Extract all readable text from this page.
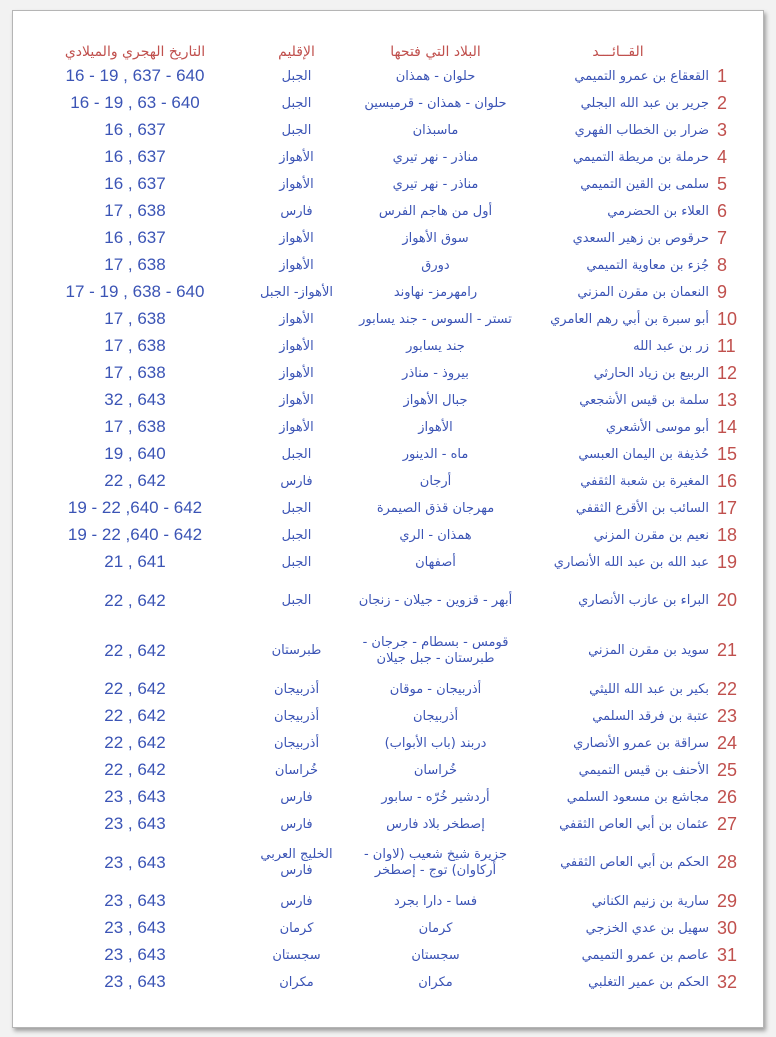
	القــائـــد	البلاد التي فتحها	الإقليم	التاريخ الهجري والميلادي
1	القعقاع بن عمرو التميمي	حلوان - همذان	الجبل	16 - 19 , 637 - 640
2	جرير بن عبد الله البجلي	حلوان - همذان - قرميسين	الجبل	16 - 19 , 63 - 640
3	ضرار بن الخطاب الفهري	ماسبذان	الجبل	16 , 637
4	حرملة بن مريطة التميمي	مناذر - نهر تيري	الأهواز	16 , 637
5	سلمى بن القين التميمي	مناذر - نهر تيري	الأهواز	16 , 637
6	العلاء بن الحضرمي	أول من هاجم الفرس	فارس	17 , 638
7	حرقوص بن زهير السعدي	سوق الأهواز	الأهواز	16 , 637
8	جُزء بن معاوية التميمي	دورق	الأهواز	17 , 638
9	النعمان بن مقرن المزني	رامهرمز- نهاوند	الأهواز- الجبل	17 - 19 , 638 - 640
10	أبو سبرة بن أبي رهم العامري	تستر - السوس - جند يسابور	الأهواز	17 , 638
11	زر بن عبد الله	جند يسابور	الأهواز	17 , 638
12	الربيع بن زياد الحارثي	بيروذ - مناذر	الأهواز	17 , 638
13	سلمة بن قيس الأشجعي	جبال الأهواز	الأهواز	32 , 643
14	أبو موسى الأشعري	الأهواز	الأهواز	17 , 638
15	حُذيفة بن اليمان العبسي	ماه - الدينور	الجبل	19 , 640
16	المغيرة بن شعبة الثقفي	أرجان	فارس	22 , 642
17	السائب بن الأقرع الثقفي	مهرجان قذق الصيمرة	الجبل	19 - 22 ,640 - 642
18	نعيم بن مقرن المزني	همذان - الري	الجبل	19 - 22 ,640 - 642
19	عبد الله بن عبد الله الأنصاري	أصفهان	الجبل	21 , 641
20	البراء بن عازب الأنصاري	أبهر - قزوين - جيلان - زنجان	الجبل	22 , 642
21	سويد بن مقرن المزني	قومس - بسطام - جرجان - طبرستان - جبل جيلان	طبرستان	22 , 642
22	بكير بن عبد الله الليثي	أذربيجان - موقان	أذربيجان	22 , 642
23	عتبة بن فرقد السلمي	أذربيجان	أذربيجان	22 , 642
24	سراقة بن عمرو الأنصاري	دربند (باب الأبواب)	أذربيجان	22 , 642
25	الأحنف بن قيس التميمي	خُراسان	خُراسان	22 , 642
26	مجاشع بن مسعود السلمي	أردشير خُرّه - سابور	فارس	23 , 643
27	عثمان بن أبي العاص الثقفي	إصطخر بلاد فارس	فارس	23 , 643
28	الحكم بن أبي العاص الثقفي	جزيرة شيخ شعيب (لاوان - أركاوان) توج - إصطخر	الخليج العربي فارس	23 , 643
29	سارية بن زنيم الكناني	فسا - دارا بجرد	فارس	23 , 643
30	سهيل بن عدي الخزجي	كرمان	كرمان	23 , 643
31	عاصم بن عمرو التميمي	سجستان	سجستان	23 , 643
32	الحكم بن عمير التغلبي	مكران	مكران	23 , 643
